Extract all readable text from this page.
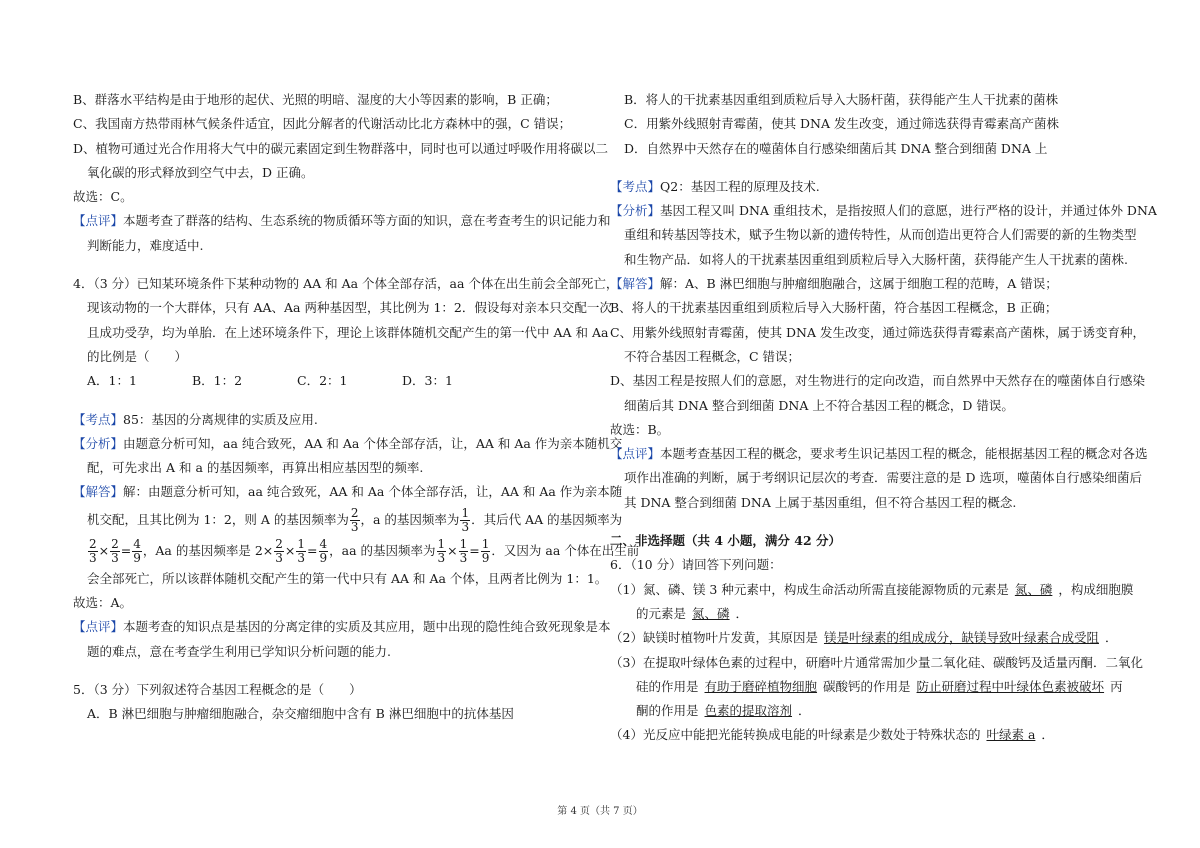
B、群落水平结构是由于地形的起伏、光照的明暗、湿度的大小等因素的影响，B 正确；
C、我国南方热带雨林气候条件适宜，因此分解者的代谢活动比北方森林中的强，C 错误；
D、植物可通过光合作用将大气中的碳元素固定到生物群落中，同时也可以通过呼吸作用将碳以二
氧化碳的形式释放到空气中去，D 正确。
故选：C。
【点评】本题考查了群落的结构、生态系统的物质循环等方面的知识，意在考查考生的识记能力和
判断能力，难度适中.
4．（3 分）已知某环境条件下某种动物的 AA 和 Aa 个体全部存活，aa 个体在出生前会全部死亡，
现该动物的一个大群体，只有 AA、Aa 两种基因型，其比例为 1：2．假设每对亲本只交配一次
且成功受孕，均为单胎．在上述环境条件下，理论上该群体随机交配产生的第一代中 AA 和 Aa
的比例是（　　）
A．1：1	B．1：2	C．2：1	D．3：1
【考点】85：基因的分离规律的实质及应用.
【分析】由题意分析可知，aa 纯合致死，AA 和 Aa 个体全部存活，让，AA 和 Aa 作为亲本随机交
配，可先求出 A 和 a 的基因频率，再算出相应基因型的频率.
【解答】解：由题意分析可知，aa 纯合致死，AA 和 Aa 个体全部存活，让，AA 和 Aa 作为亲本随
机交配，且其比例为 1：2，则 A 的基因频率为 $\frac{2}{3}$ ，a 的基因频率为 $\frac{1}{3}$ ．其后代 AA 的基因频率为
$\frac{2}{3} \times \frac{2}{3} = \frac{4}{9}$ ，Aa 的基因频率是 $2\times \frac{2}{3} \times \frac{1}{3} = \frac{4}{9}$ ，aa 的基因频率为 $\frac{1}{3} \times \frac{1}{3} = \frac{1}{9}$ ．又因为 aa 个体在出生前
会全部死亡，所以该群体随机交配产生的第一代中只有 AA 和 Aa 个体，且两者比例为 1：1。
故选：A。
【点评】本题考查的知识点是基因的分离定律的实质及其应用，题中出现的隐性纯合致死现象是本
题的难点，意在考查学生利用已学知识分析问题的能力.
5．（3 分）下列叙述符合基因工程概念的是（　　）
A．B 淋巴细胞与肿瘤细胞融合，杂交瘤细胞中含有 B 淋巴细胞中的抗体基因
B．将人的干扰素基因重组到质粒后导入大肠杆菌，获得能产生人干扰素的菌株
C．用紫外线照射青霉菌，使其 DNA 发生改变，通过筛选获得青霉素高产菌株
D．自然界中天然存在的噬菌体自行感染细菌后其 DNA 整合到细菌 DNA 上
【考点】Q2：基因工程的原理及技术.
【分析】基因工程又叫 DNA 重组技术，是指按照人们的意愿，进行严格的设计，并通过体外 DNA
重组和转基因等技术，赋予生物以新的遗传特性，从而创造出更符合人们需要的新的生物类型
和生物产品．如将人的干扰素基因重组到质粒后导入大肠杆菌，获得能产生人干扰素的菌株.
【解答】解：A、B 淋巴细胞与肿瘤细胞融合，这属于细胞工程的范畴，A 错误；
B、将人的干扰素基因重组到质粒后导入大肠杆菌，符合基因工程概念，B 正确；
C、用紫外线照射青霉菌，使其 DNA 发生改变，通过筛选获得青霉素高产菌株，属于诱变育种，
不符合基因工程概念，C 错误；
D、基因工程是按照人们的意愿，对生物进行的定向改造，而自然界中天然存在的噬菌体自行感染
细菌后其 DNA 整合到细菌 DNA 上不符合基因工程的概念，D 错误。
故选：B。
【点评】本题考查基因工程的概念，要求考生识记基因工程的概念，能根据基因工程的概念对各选
项作出准确的判断，属于考纲识记层次的考查．需要注意的是 D 选项，噬菌体自行感染细菌后
其 DNA 整合到细菌 DNA 上属于基因重组，但不符合基因工程的概念.
二、非选择题（共 4 小题，满分 42 分）
6．（10 分）请回答下列问题：
（1）氮、磷、镁 3 种元素中，构成生命活动所需直接能源物质的元素是 氮、磷 ，构成细胞膜
的元素是 氮、磷 ．
（2）缺镁时植物叶片发黄，其原因是 镁是叶绿素的组成成分，缺镁导致叶绿素合成受阻 ．
（3）在提取叶绿体色素的过程中，研磨叶片通常需加少量二氧化硅、碳酸钙及适量丙酮．二氧化
硅的作用是 有助于磨碎植物细胞 碳酸钙的作用是 防止研磨过程中叶绿体色素被破坏 丙
酮的作用是 色素的提取溶剂 ．
（4）光反应中能把光能转换成电能的叶绿素是少数处于特殊状态的 叶绿素 a ．
第 4 页（共 7 页）
